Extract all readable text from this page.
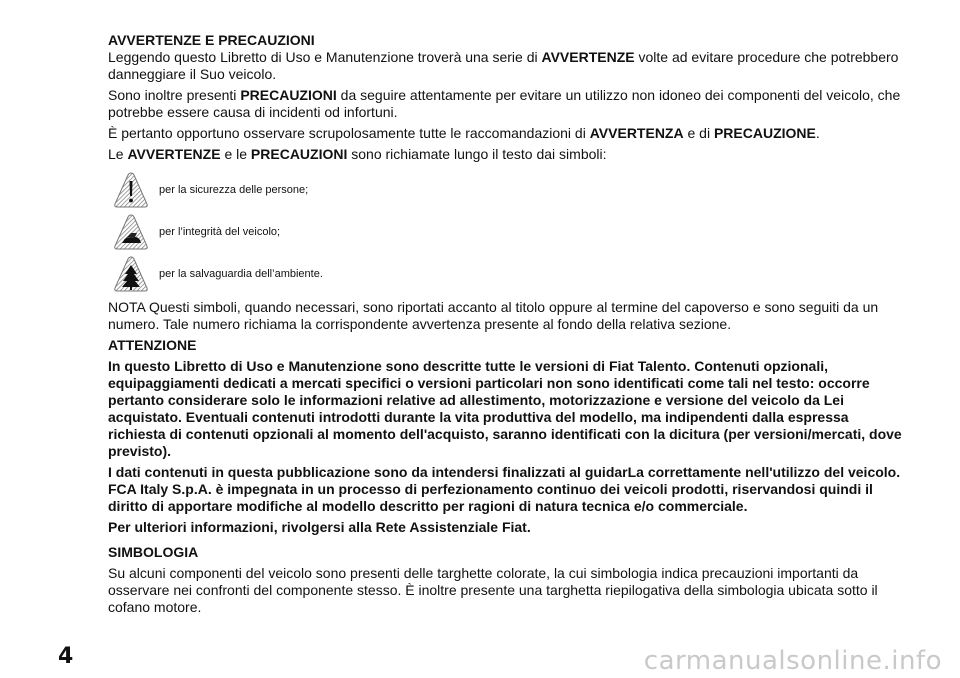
AVVERTENZE E PRECAUZIONI

Leggendo questo Libretto di Uso e Manutenzione troverà una serie di AVVERTENZE volte ad evitare procedure che potrebbero danneggiare il Suo veicolo.

Sono inoltre presenti PRECAUZIONI da seguire attentamente per evitare un utilizzo non idoneo dei componenti del veicolo, che potrebbe essere causa di incidenti od infortuni.

È pertanto opportuno osservare scrupolosamente tutte le raccomandazioni di AVVERTENZA e di PRECAUZIONE.

Le AVVERTENZE e le PRECAUZIONI sono richiamate lungo il testo dai simboli:

per la sicurezza delle persone;
per l’integrità del veicolo;
per la salvaguardia dell’ambiente.

NOTA Questi simboli, quando necessari, sono riportati accanto al titolo oppure al termine del capoverso e sono seguiti da un numero. Tale numero richiama la corrispondente avvertenza presente al fondo della relativa sezione.

ATTENZIONE

In questo Libretto di Uso e Manutenzione sono descritte tutte le versioni di Fiat Talento. Contenuti opzionali, equipaggiamenti dedicati a mercati specifici o versioni particolari non sono identificati come tali nel testo: occorre pertanto considerare solo le informazioni relative ad allestimento, motorizzazione e versione del veicolo da Lei acquistato. Eventuali contenuti introdotti durante la vita produttiva del modello, ma indipendenti dalla espressa richiesta di contenuti opzionali al momento dell'acquisto, saranno identificati con la dicitura (per versioni/mercati, dove previsto).

I dati contenuti in questa pubblicazione sono da intendersi finalizzati al guidarLa correttamente nell'utilizzo del veicolo. FCA Italy S.p.A. è impegnata in un processo di perfezionamento continuo dei veicoli prodotti, riservandosi quindi il diritto di apportare modifiche al modello descritto per ragioni di natura tecnica e/o commerciale.

Per ulteriori informazioni, rivolgersi alla Rete Assistenziale Fiat.

SIMBOLOGIA

Su alcuni componenti del veicolo sono presenti delle targhette colorate, la cui simbologia indica precauzioni importanti da osservare nei confronti del componente stesso. È inoltre presente una targhetta riepilogativa della simbologia ubicata sotto il cofano motore.

4	carmanualsonline.info
